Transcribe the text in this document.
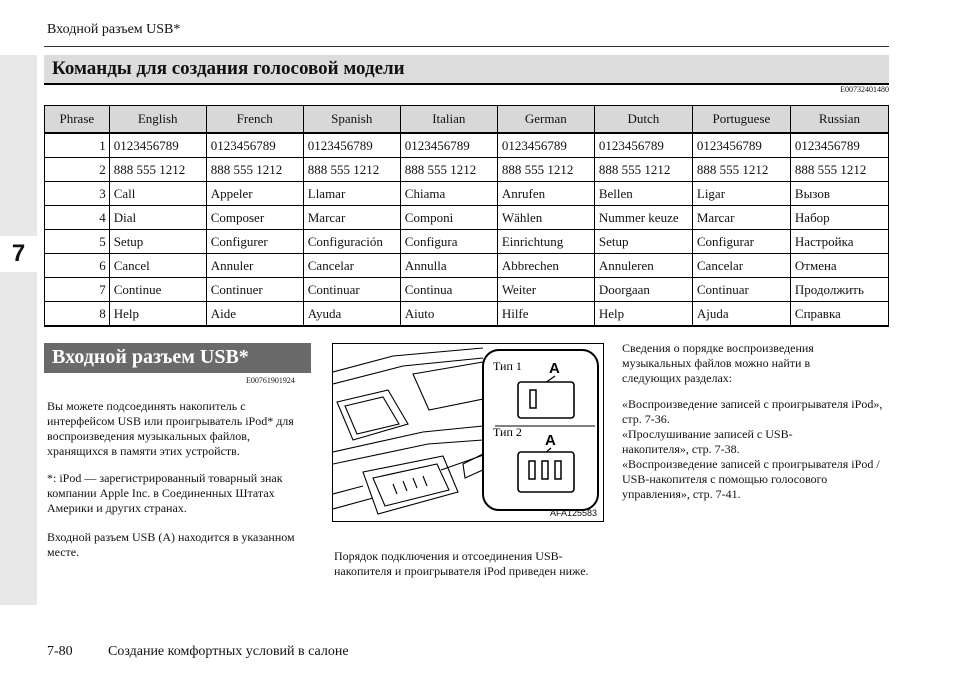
7
Входной разъем USB*
Команды для создания голосовой модели
E00732401480
Phrase	English	French	Spanish	Italian	German	Dutch	Portuguese	Russian
1	0123456789	0123456789	0123456789	0123456789	0123456789	0123456789	0123456789	0123456789
2	888 555 1212	888 555 1212	888 555 1212	888 555 1212	888 555 1212	888 555 1212	888 555 1212	888 555 1212
3	Call	Appeler	Llamar	Chiama	Anrufen	Bellen	Ligar	Вызов
4	Dial	Composer	Marcar	Componi	Wählen	Nummer keuze	Marcar	Набор
5	Setup	Configurer	Configuración	Configura	Einrichtung	Setup	Configurar	Настройка
6	Cancel	Annuler	Cancelar	Annulla	Abbrechen	Annuleren	Cancelar	Отмена
7	Continue	Continuer	Continuar	Continua	Weiter	Doorgaan	Continuar	Продолжить
8	Help	Aide	Ayuda	Aiuto	Hilfe	Help	Ajuda	Справка
Входной разъем USB*
E00761901924

Вы можете подсоединять накопитель с интерфейсом USB или проигрыватель iPod* для воспроизведения музыкальных файлов, хранящихся в памяти этих устройств.

*: iPod — зарегистрированный товарный знак компании Apple Inc. в Соединенных Штатах Америки и других странах.

Входной разъем USB (A) находится в указанном месте.

Тип 1 A
Тип 2 A
AFA125583

Порядок подключения и отсоединения USB-накопителя и проигрывателя iPod приведен ниже.

Сведения о порядке воспроизведения музыкальных файлов можно найти в следующих разделах:

«Воспроизведение записей с проигрывателя iPod», стр. 7-36.

«Прослушивание записей с USB-накопителя», стр. 7-38.

«Воспроизведение записей с проигрывателя iPod / USB-накопителя с помощью голосового управления», стр. 7-41.

7-80	Создание комфортных условий в салоне
